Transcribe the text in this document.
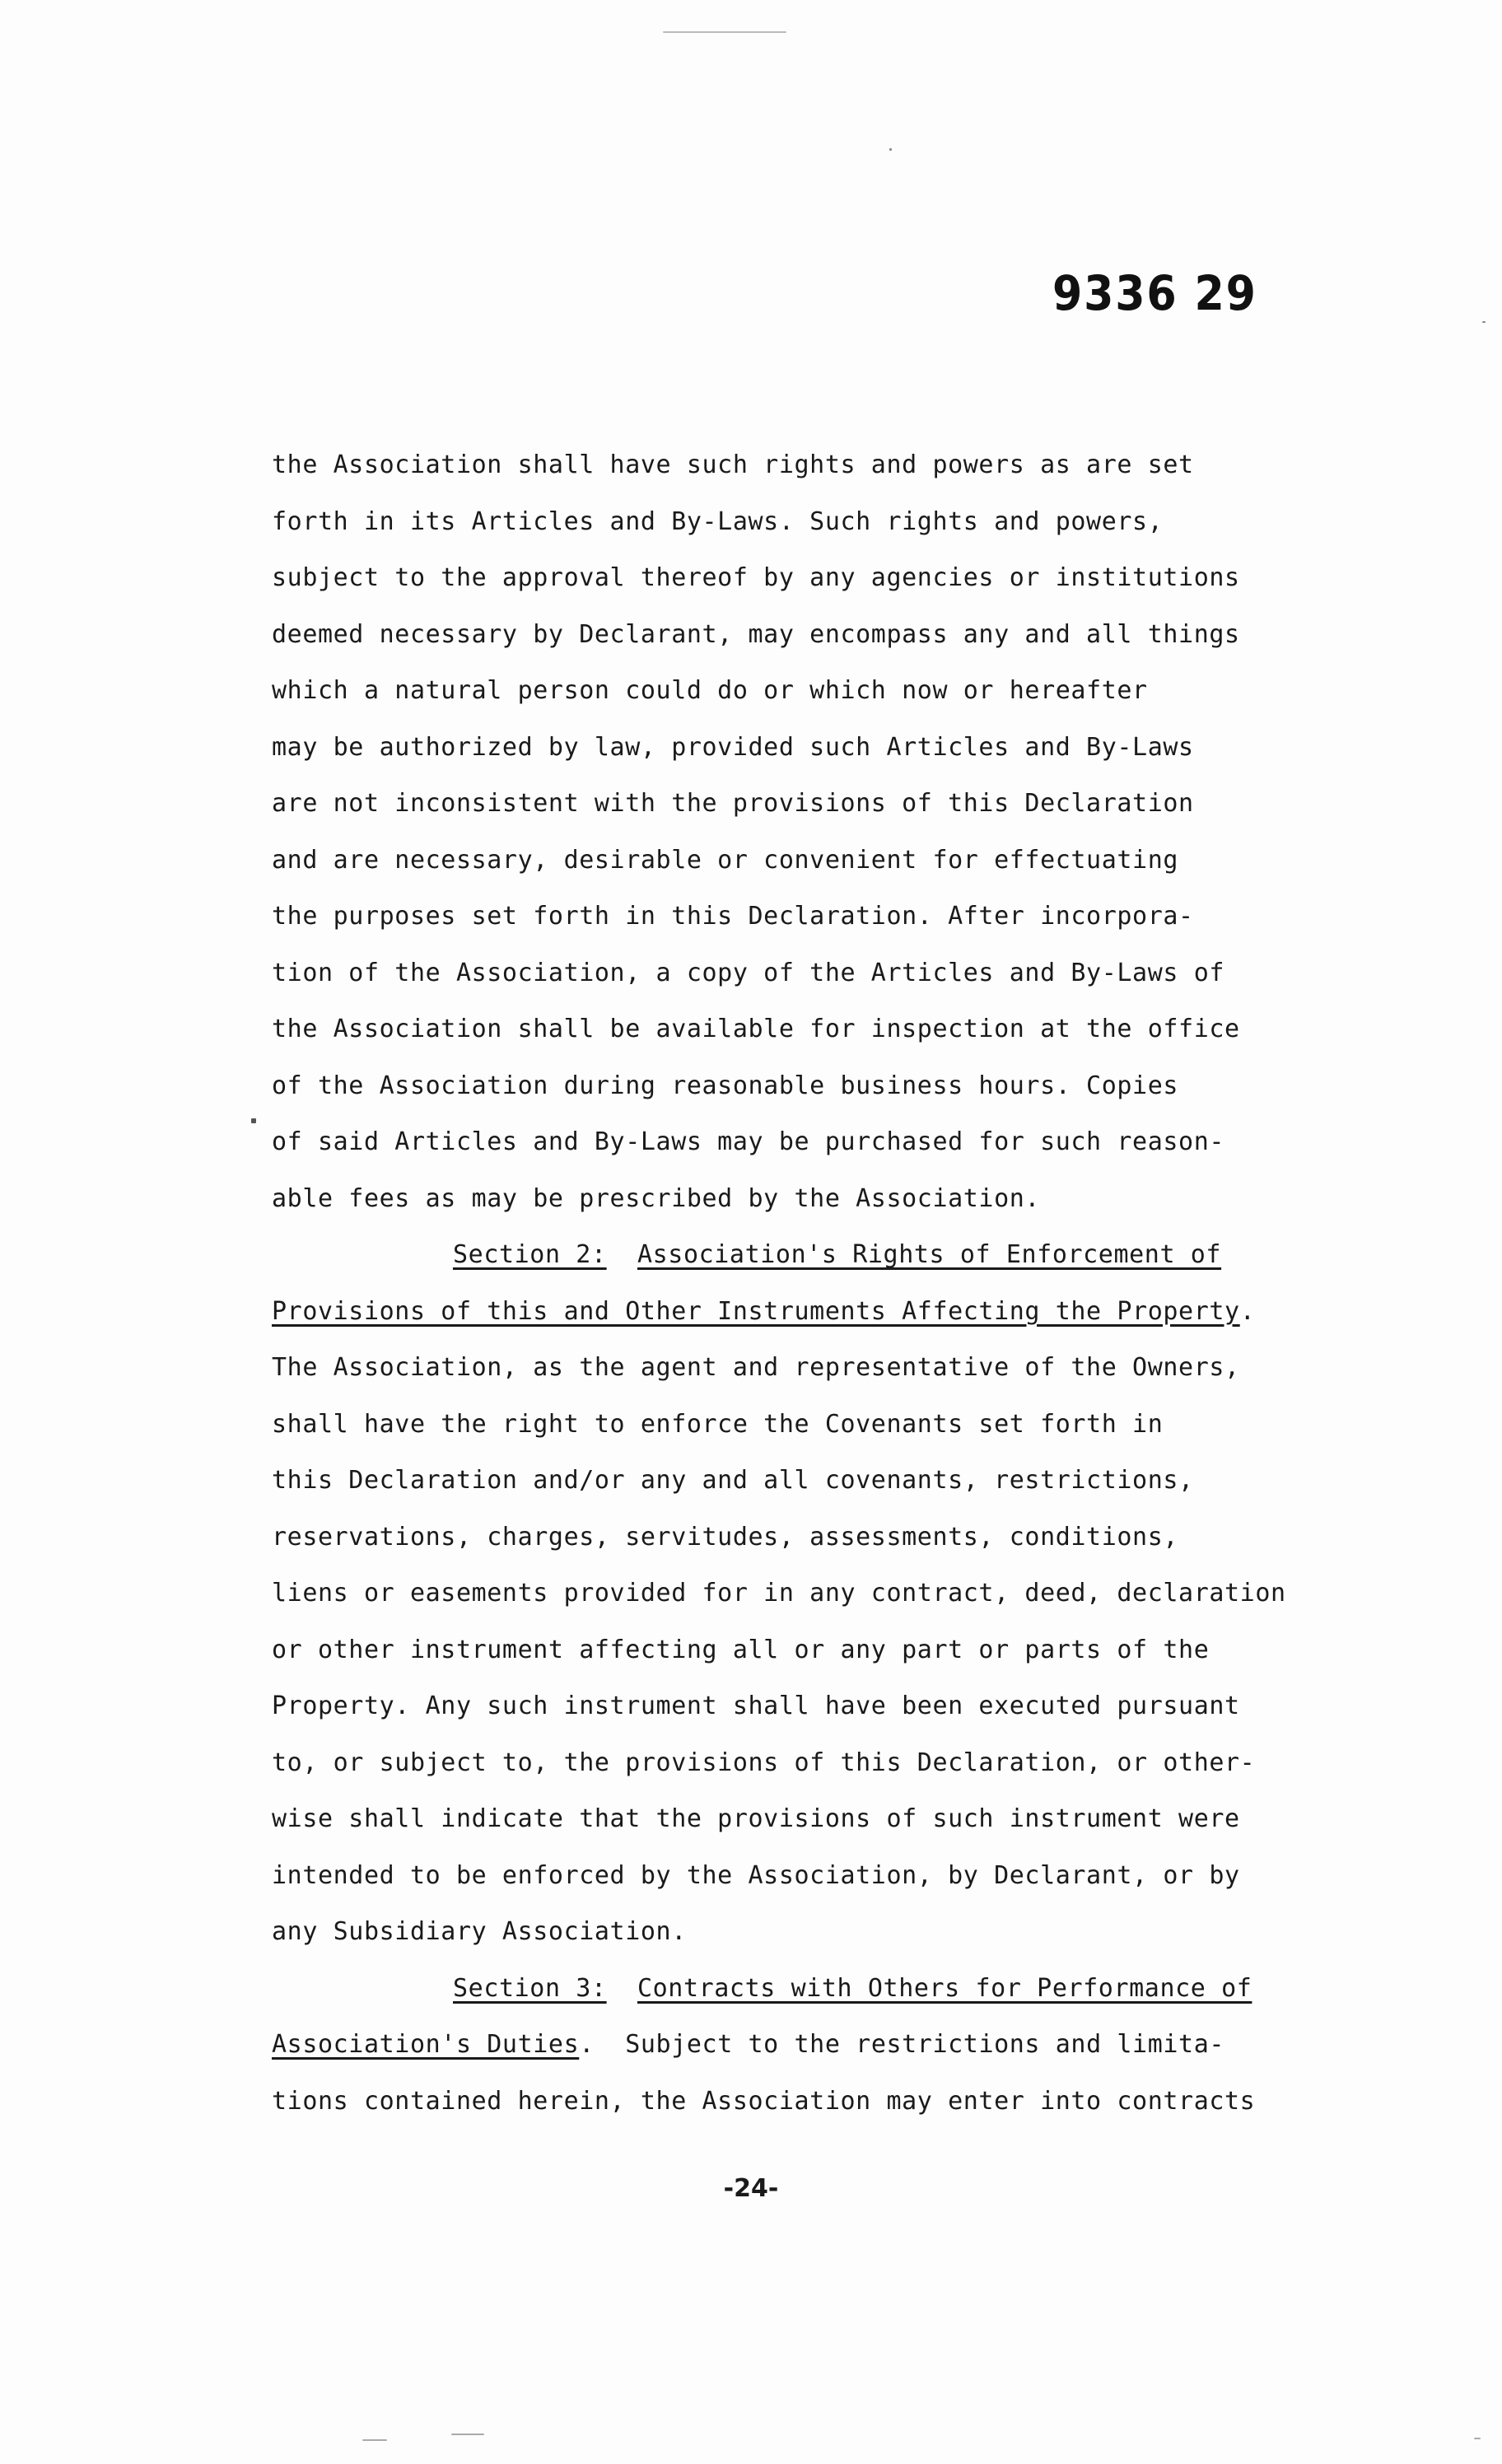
9336 29
the Association shall have such rights and powers as are set
forth in its Articles and By-Laws. Such rights and powers,
subject to the approval thereof by any agencies or institutions
deemed necessary by Declarant, may encompass any and all things
which a natural person could do or which now or hereafter
may be authorized by law, provided such Articles and By-Laws
are not inconsistent with the provisions of this Declaration
and are necessary, desirable or convenient for effectuating
the purposes set forth in this Declaration. After incorpora-
tion of the Association, a copy of the Articles and By-Laws of
the Association shall be available for inspection at the office
of the Association during reasonable business hours. Copies
of said Articles and By-Laws may be purchased for such reason-
able fees as may be prescribed by the Association.
Section 2: Association's Rights of Enforcement of
Provisions of this and Other Instruments Affecting the Property.
The Association, as the agent and representative of the Owners,
shall have the right to enforce the Covenants set forth in
this Declaration and/or any and all covenants, restrictions,
reservations, charges, servitudes, assessments, conditions,
liens or easements provided for in any contract, deed, declaration
or other instrument affecting all or any part or parts of the
Property. Any such instrument shall have been executed pursuant
to, or subject to, the provisions of this Declaration, or other-
wise shall indicate that the provisions of such instrument were
intended to be enforced by the Association, by Declarant, or by
any Subsidiary Association.
Section 3: Contracts with Others for Performance of
Association's Duties.  Subject to the restrictions and limita-
tions contained herein, the Association may enter into contracts
-24-
